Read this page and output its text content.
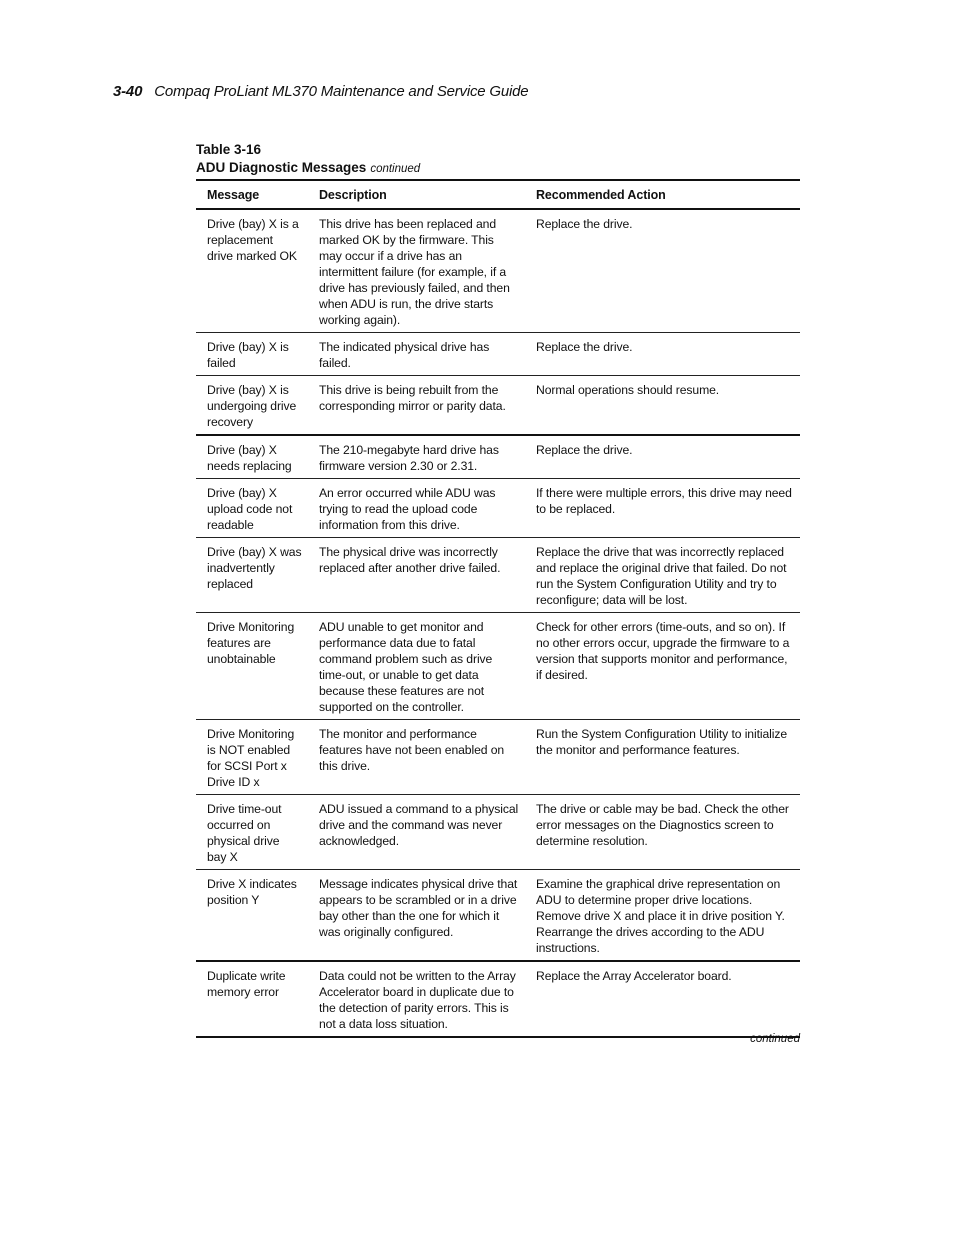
3-40 Compaq ProLiant ML370 Maintenance and Service Guide
Table 3-16
ADU Diagnostic Messages continued
Message	Description	Recommended Action
Drive (bay) X is a replacement drive marked OK	This drive has been replaced and marked OK by the firmware. This may occur if a drive has an intermittent failure (for example, if a drive has previously failed, and then when ADU is run, the drive starts working again).	Replace the drive.
Drive (bay) X is failed	The indicated physical drive has failed.	Replace the drive.
Drive (bay) X is undergoing drive recovery	This drive is being rebuilt from the corresponding mirror or parity data.	Normal operations should resume.
Drive (bay) X needs replacing	The 210-megabyte hard drive has firmware version 2.30 or 2.31.	Replace the drive.
Drive (bay) X upload code not readable	An error occurred while ADU was trying to read the upload code information from this drive.	If there were multiple errors, this drive may need to be replaced.
Drive (bay) X was inadvertently replaced	The physical drive was incorrectly replaced after another drive failed.	Replace the drive that was incorrectly replaced and replace the original drive that failed. Do not run the System Configuration Utility and try to reconfigure; data will be lost.
Drive Monitoring features are unobtainable	ADU unable to get monitor and performance data due to fatal command problem such as drive time-out, or unable to get data because these features are not supported on the controller.	Check for other errors (time-outs, and so on). If no other errors occur, upgrade the firmware to a version that supports monitor and performance, if desired.
Drive Monitoring is NOT enabled for SCSI Port x Drive ID x	The monitor and performance features have not been enabled on this drive.	Run the System Configuration Utility to initialize the monitor and performance features.
Drive time-out occurred on physical drive bay X	ADU issued a command to a physical drive and the command was never acknowledged.	The drive or cable may be bad. Check the other error messages on the Diagnostics screen to determine resolution.
Drive X indicates position Y	Message indicates physical drive that appears to be scrambled or in a drive bay other than the one for which it was originally configured.	Examine the graphical drive representation on ADU to determine proper drive locations. Remove drive X and place it in drive position Y. Rearrange the drives according to the ADU instructions.
Duplicate write memory error	Data could not be written to the Array Accelerator board in duplicate due to the detection of parity errors. This is not a data loss situation.	Replace the Array Accelerator board.
continued
